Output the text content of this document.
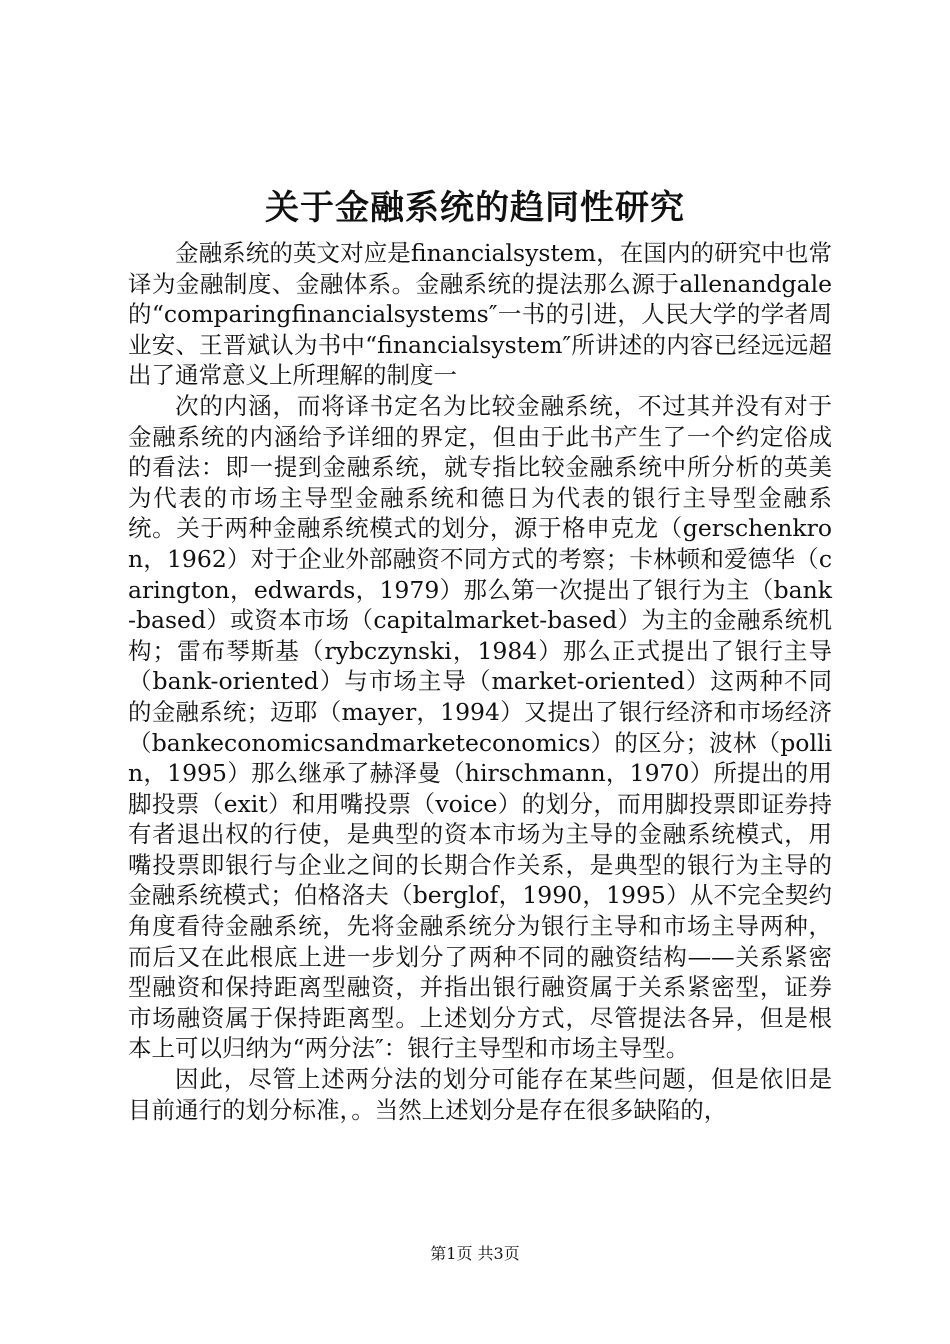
关于金融系统的趋同性研究

金融系统的英文对应是financialsystem，在国内的研究中也常译为金融制度、金融体系。金融系统的提法那么源于allenandgale的“comparingfinancialsystems″一书的引进，人民大学的学者周业安、王晋斌认为书中“financialsystem″所讲述的内容已经远远超出了通常意义上所理解的制度一

次的内涵，而将译书定名为比较金融系统，不过其并没有对于金融系统的内涵给予详细的界定，但由于此书产生了一个约定俗成的看法：即一提到金融系统，就专指比较金融系统中所分析的英美为代表的市场主导型金融系统和德日为代表的银行主导型金融系统。关于两种金融系统模式的划分，源于格申克龙（gerschenkron，1962）对于企业外部融资不同方式的考察；卡林顿和爱德华（carington，edwards，1979）那么第一次提出了银行为主（bank-based）或资本市场（capitalmarket-based）为主的金融系统机构；雷布琴斯基（rybczynski，1984）那么正式提出了银行主导（bank-oriented）与市场主导（market-oriented）这两种不同的金融系统；迈耶（mayer，1994）又提出了银行经济和市场经济（bankeconomicsandmarketeconomics）的区分；波林（pollin，1995）那么继承了赫泽曼（hirschmann，1970）所提出的用脚投票（exit）和用嘴投票（voice）的划分，而用脚投票即证券持有者退出权的行使，是典型的资本市场为主导的金融系统模式，用嘴投票即银行与企业之间的长期合作关系，是典型的银行为主导的金融系统模式；伯格洛夫（berglof，1990，1995）从不完全契约角度看待金融系统，先将金融系统分为银行主导和市场主导两种，而后又在此根底上进一步划分了两种不同的融资结构——关系紧密型融资和保持距离型融资，并指出银行融资属于关系紧密型，证券市场融资属于保持距离型。上述划分方式，尽管提法各异，但是根本上可以归纳为“两分法″：银行主导型和市场主导型。

因此，尽管上述两分法的划分可能存在某些问题，但是依旧是目前通行的划分标准，。当然上述划分是存在很多缺陷的，

第1页 共3页
